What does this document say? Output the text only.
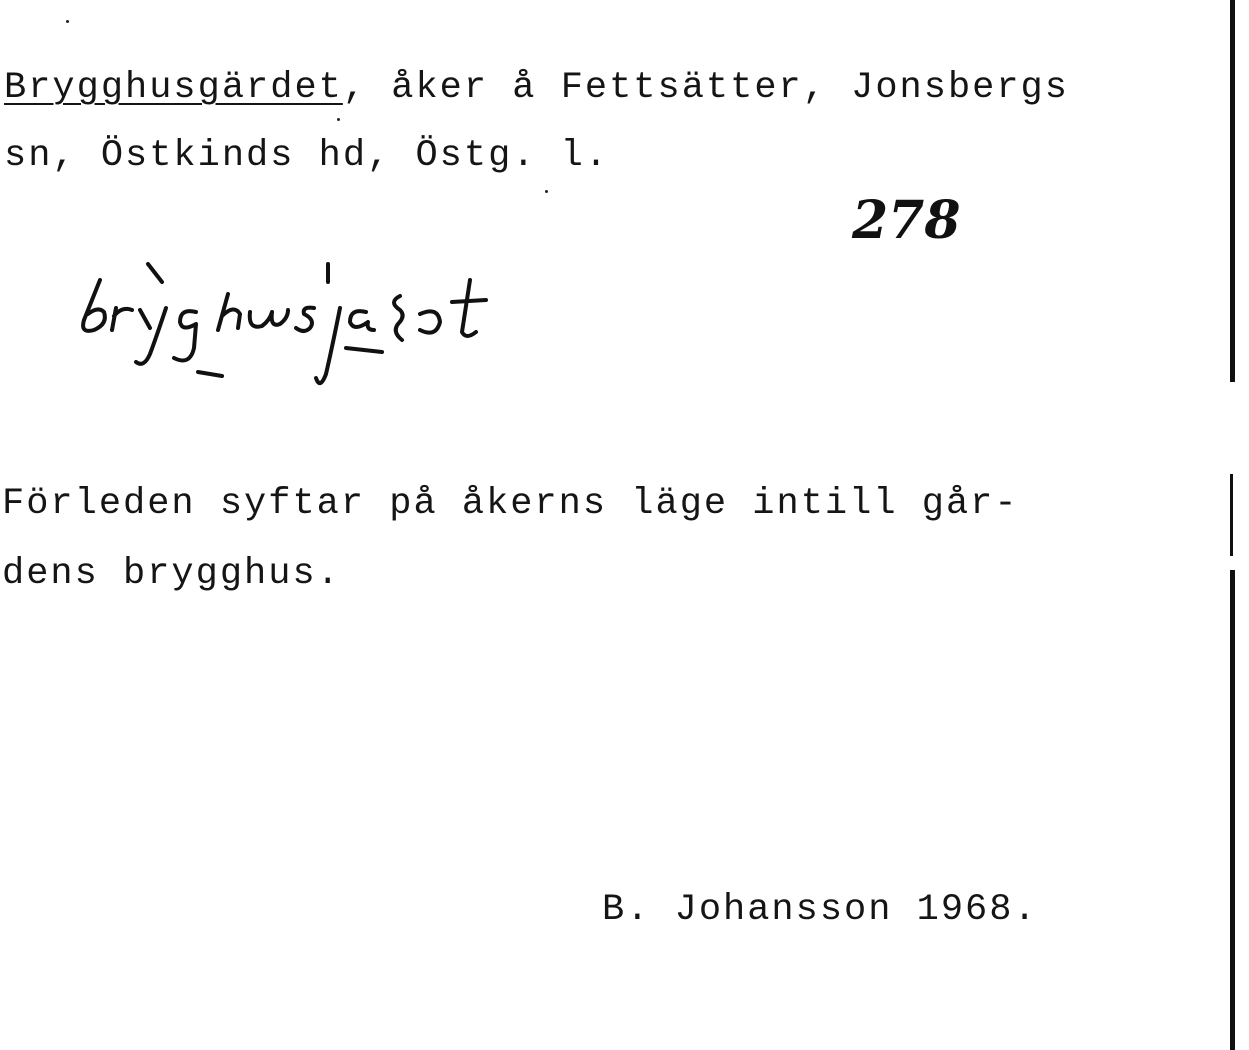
Brygghusgärdet, åker å Fettsätter, Jonsbergs
sn, Östkinds hd, Östg. l.
278
Förleden syftar på åkerns läge intill går-
dens brygghus.
B. Johansson 1968.
